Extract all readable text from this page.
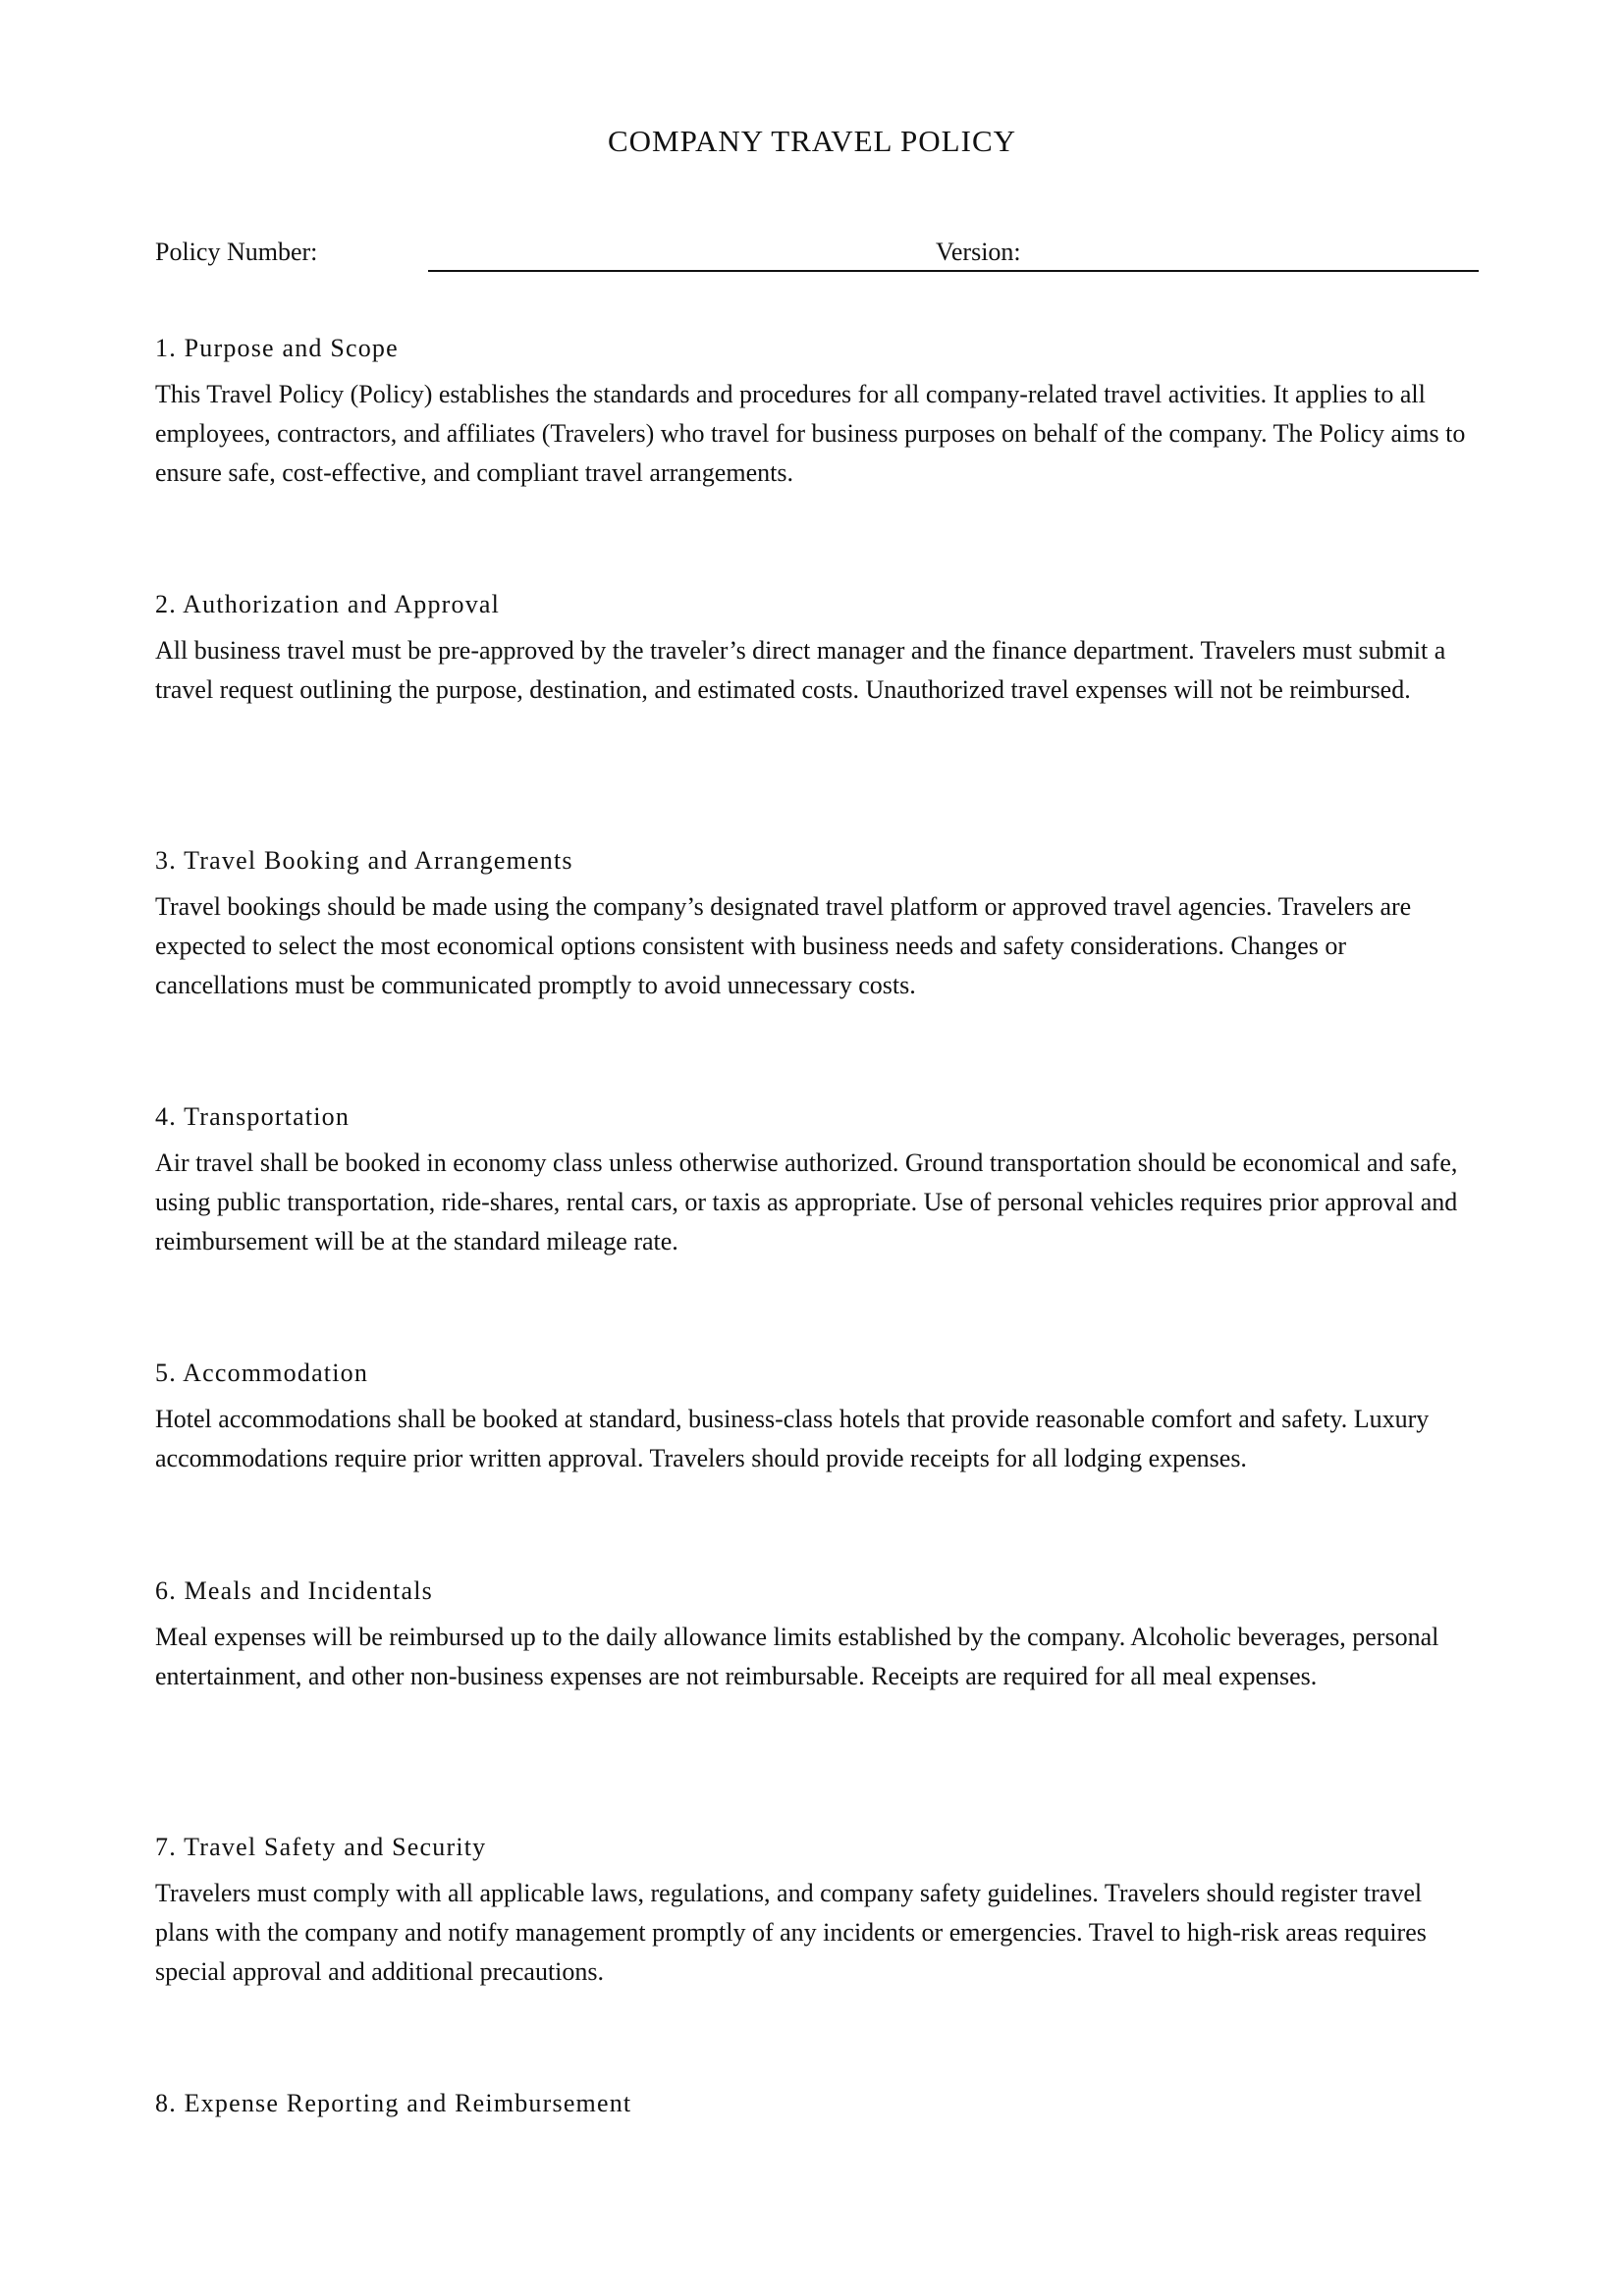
COMPANY TRAVEL POLICY
Policy Number:	Version:
1. Purpose and Scope

This Travel Policy (Policy) establishes the standards and procedures for all company-related travel activities. It applies to all employees, contractors, and affiliates (Travelers) who travel for business purposes on behalf of the company. The Policy aims to ensure safe, cost-effective, and compliant travel arrangements.

2. Authorization and Approval

All business travel must be pre-approved by the traveler’s direct manager and the finance department. Travelers must submit a travel request outlining the purpose, destination, and estimated costs. Unauthorized travel expenses will not be reimbursed.

3. Travel Booking and Arrangements

Travel bookings should be made using the company’s designated travel platform or approved travel agencies. Travelers are expected to select the most economical options consistent with business needs and safety considerations. Changes or cancellations must be communicated promptly to avoid unnecessary costs.

4. Transportation

Air travel shall be booked in economy class unless otherwise authorized. Ground transportation should be economical and safe, using public transportation, ride-shares, rental cars, or taxis as appropriate. Use of personal vehicles requires prior approval and reimbursement will be at the standard mileage rate.

5. Accommodation

Hotel accommodations shall be booked at standard, business-class hotels that provide reasonable comfort and safety. Luxury accommodations require prior written approval. Travelers should provide receipts for all lodging expenses.

6. Meals and Incidentals

Meal expenses will be reimbursed up to the daily allowance limits established by the company. Alcoholic beverages, personal entertainment, and other non-business expenses are not reimbursable. Receipts are required for all meal expenses.

7. Travel Safety and Security

Travelers must comply with all applicable laws, regulations, and company safety guidelines. Travelers should register travel plans with the company and notify management promptly of any incidents or emergencies. Travel to high-risk areas requires special approval and additional precautions.

8. Expense Reporting and Reimbursement
